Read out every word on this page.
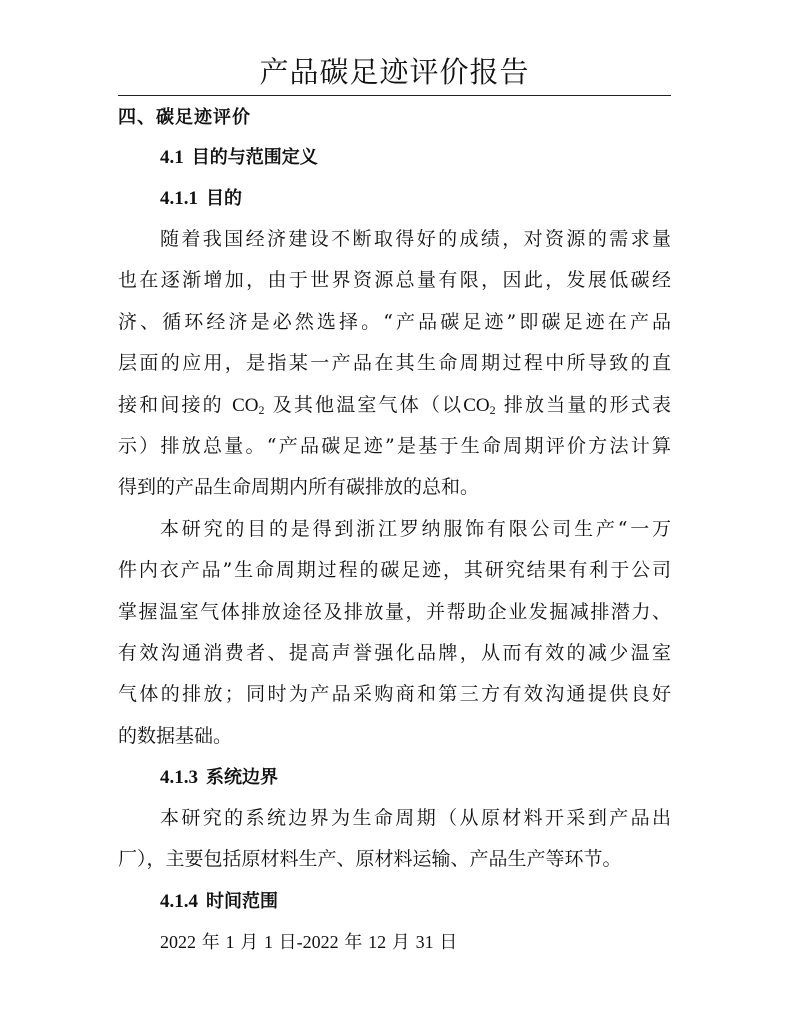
产品碳足迹评价报告
四、碳足迹评价
4.1 目的与范围定义
4.1.1 目的
随着我国经济建设不断取得好的成绩，对资源的需求量
也在逐渐增加，由于世界资源总量有限，因此，发展低碳经
济、循环经济是必然选择。“产品碳足迹”即碳足迹在产品
层面的应用，是指某一产品在其生命周期过程中所导致的直
接和间接的 $CO_2$ 及其他温室气体（以$CO_2$ 排放当量的形式表
示）排放总量。“产品碳足迹”是基于生命周期评价方法计算
得到的产品生命周期内所有碳排放的总和。
本研究的目的是得到浙江罗纳服饰有限公司生产“一万
件内衣产品”生命周期过程的碳足迹，其研究结果有利于公司
掌握温室气体排放途径及排放量，并帮助企业发掘减排潜力、
有效沟通消费者、提高声誉强化品牌，从而有效的减少温室
气体的排放；同时为产品采购商和第三方有效沟通提供良好
的数据基础。
4.1.3 系统边界
本研究的系统边界为生命周期（从原材料开采到产品出
厂），主要包括原材料生产、原材料运输、产品生产等环节。
4.1.4 时间范围
2022 年 1 月 1 日-2022 年 12 月 31 日
